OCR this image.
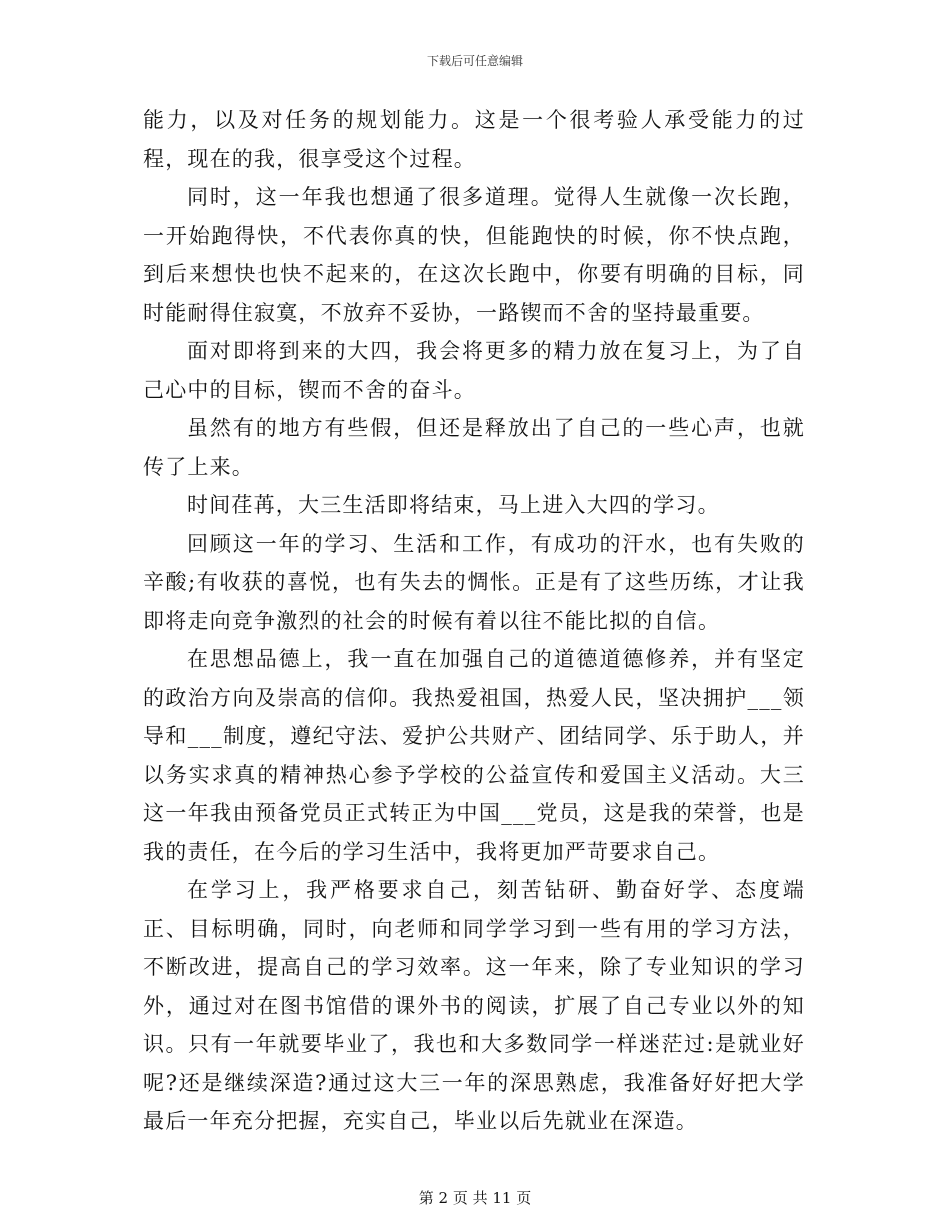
下载后可任意编辑

能力，以及对任务的规划能力。这是一个很考验人承受能力的过程，现在的我，很享受这个过程。

同时，这一年我也想通了很多道理。觉得人生就像一次长跑，一开始跑得快，不代表你真的快，但能跑快的时候，你不快点跑，到后来想快也快不起来的，在这次长跑中，你要有明确的目标，同时能耐得住寂寞，不放弃不妥协，一路锲而不舍的坚持最重要。

面对即将到来的大四，我会将更多的精力放在复习上，为了自己心中的目标，锲而不舍的奋斗。

虽然有的地方有些假，但还是释放出了自己的一些心声，也就传了上来。

时间荏苒，大三生活即将结束，马上进入大四的学习。

回顾这一年的学习、生活和工作，有成功的汗水，也有失败的辛酸;有收获的喜悦，也有失去的惆怅。正是有了这些历练，才让我即将走向竞争激烈的社会的时候有着以往不能比拟的自信。

在思想品德上，我一直在加强自己的道德道德修养，并有坚定的政治方向及崇高的信仰。我热爱祖国，热爱人民，坚决拥护___领导和___制度，遵纪守法、爱护公共财产、团结同学、乐于助人，并以务实求真的精神热心参予学校的公益宣传和爱国主义活动。大三这一年我由预备党员正式转正为中国___党员，这是我的荣誉，也是我的责任，在今后的学习生活中，我将更加严苛要求自己。

在学习上，我严格要求自己，刻苦钻研、勤奋好学、态度端正、目标明确，同时，向老师和同学学习到一些有用的学习方法，不断改进，提高自己的学习效率。这一年来，除了专业知识的学习外，通过对在图书馆借的课外书的阅读，扩展了自己专业以外的知识。只有一年就要毕业了，我也和大多数同学一样迷茫过:是就业好呢?还是继续深造?通过这大三一年的深思熟虑，我准备好好把大学最后一年充分把握，充实自己，毕业以后先就业在深造。

第 2 页 共 11 页
